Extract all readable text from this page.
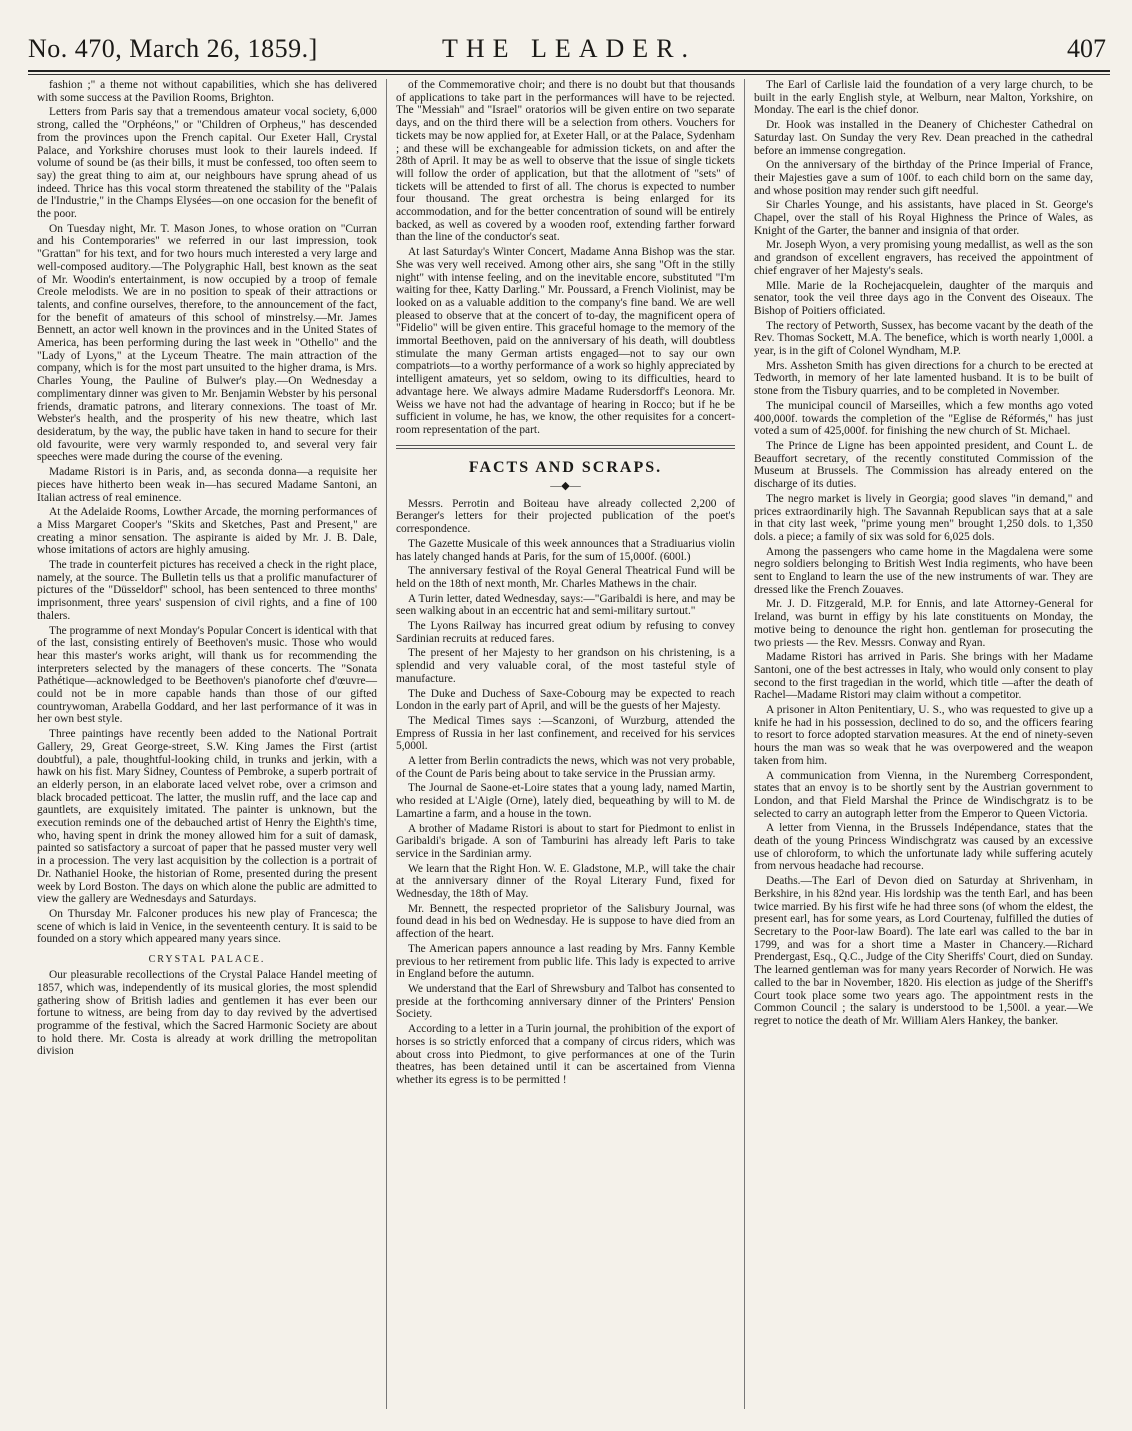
No. 470, March 26, 1859.]	THE LEADER.	407

fashion ;" a theme not without capabilities, which she has delivered with some success at the Pavilion Rooms, Brighton.

Letters from Paris say that a tremendous amateur vocal society, 6,000 strong, called the "Orphéons," or "Children of Orpheus," has descended from the provinces upon the French capital. Our Exeter Hall, Crystal Palace, and Yorkshire choruses must look to their laurels indeed. If volume of sound be (as their bills, it must be confessed, too often seem to say) the great thing to aim at, our neighbours have sprung ahead of us indeed. Thrice has this vocal storm threatened the stability of the "Palais de l'Industrie," in the Champs Elysées—on one occasion for the benefit of the poor.

On Tuesday night, Mr. T. Mason Jones, to whose oration on "Curran and his Contemporaries" we referred in our last impression, took "Grattan" for his text, and for two hours much interested a very large and well-composed auditory.—The Polygraphic Hall, best known as the seat of Mr. Woodin's entertainment, is now occupied by a troop of female Creole melodists. We are in no position to speak of their attractions or talents, and confine ourselves, therefore, to the announcement of the fact, for the benefit of amateurs of this school of minstrelsy.—Mr. James Bennett, an actor well known in the provinces and in the United States of America, has been performing during the last week in "Othello" and the "Lady of Lyons," at the Lyceum Theatre. The main attraction of the company, which is for the most part unsuited to the higher drama, is Mrs. Charles Young, the Pauline of Bulwer's play.—On Wednesday a complimentary dinner was given to Mr. Benjamin Webster by his personal friends, dramatic patrons, and literary connexions. The toast of Mr. Webster's health, and the prosperity of his new theatre, which last desideratum, by the way, the public have taken in hand to secure for their old favourite, were very warmly responded to, and several very fair speeches were made during the course of the evening.

Madame Ristori is in Paris, and, as seconda donna—a requisite her pieces have hitherto been weak in—has secured Madame Santoni, an Italian actress of real eminence.

At the Adelaide Rooms, Lowther Arcade, the morning performances of a Miss Margaret Cooper's "Skits and Sketches, Past and Present," are creating a minor sensation. The aspirante is aided by Mr. J. B. Dale, whose imitations of actors are highly amusing.

The trade in counterfeit pictures has received a check in the right place, namely, at the source. The Bulletin tells us that a prolific manufacturer of pictures of the "Düsseldorf" school, has been sentenced to three months' imprisonment, three years' suspension of civil rights, and a fine of 100 thalers.

The programme of next Monday's Popular Concert is identical with that of the last, consisting entirely of Beethoven's music. Those who would hear this master's works aright, will thank us for recommending the interpreters selected by the managers of these concerts. The "Sonata Pathétique—acknowledged to be Beethoven's pianoforte chef d'œuvre—could not be in more capable hands than those of our gifted countrywoman, Arabella Goddard, and her last performance of it was in her own best style.

Three paintings have recently been added to the National Portrait Gallery, 29, Great George-street, S.W. King James the First (artist doubtful), a pale, thoughtful-looking child, in trunks and jerkin, with a hawk on his fist. Mary Sidney, Countess of Pembroke, a superb portrait of an elderly person, in an elaborate laced velvet robe, over a crimson and black brocaded petticoat. The latter, the muslin ruff, and the lace cap and gauntlets, are exquisitely imitated. The painter is unknown, but the execution reminds one of the debauched artist of Henry the Eighth's time, who, having spent in drink the money allowed him for a suit of damask, painted so satisfactory a surcoat of paper that he passed muster very well in a procession. The very last acquisition by the collection is a portrait of Dr. Nathaniel Hooke, the historian of Rome, presented during the present week by Lord Boston. The days on which alone the public are admitted to view the gallery are Wednesdays and Saturdays.

On Thursday Mr. Falconer produces his new play of Francesca; the scene of which is laid in Venice, in the seventeenth century. It is said to be founded on a story which appeared many years since.

CRYSTAL PALACE.

Our pleasurable recollections of the Crystal Palace Handel meeting of 1857, which was, independently of its musical glories, the most splendid gathering show of British ladies and gentlemen it has ever been our fortune to witness, are being from day to day revived by the advertised programme of the festival, which the Sacred Harmonic Society are about to hold there. Mr. Costa is already at work drilling the metropolitan division

of the Commemorative choir; and there is no doubt but that thousands of applications to take part in the performances will have to be rejected. The "Messiah" and "Israel" oratorios will be given entire on two separate days, and on the third there will be a selection from others. Vouchers for tickets may be now applied for, at Exeter Hall, or at the Palace, Sydenham ; and these will be exchangeable for admission tickets, on and after the 28th of April. It may be as well to observe that the issue of single tickets will follow the order of application, but that the allotment of "sets" of tickets will be attended to first of all. The chorus is expected to number four thousand. The great orchestra is being enlarged for its accommodation, and for the better concentration of sound will be entirely backed, as well as covered by a wooden roof, extending farther forward than the line of the conductor's seat.

At last Saturday's Winter Concert, Madame Anna Bishop was the star. She was very well received. Among other airs, she sang "Oft in the stilly night" with intense feeling, and on the inevitable encore, substituted "I'm waiting for thee, Katty Darling." Mr. Poussard, a French Violinist, may be looked on as a valuable addition to the company's fine band. We are well pleased to observe that at the concert of to-day, the magnificent opera of "Fidelio" will be given entire. This graceful homage to the memory of the immortal Beethoven, paid on the anniversary of his death, will doubtless stimulate the many German artists engaged—not to say our own compatriots—to a worthy performance of a work so highly appreciated by intelligent amateurs, yet so seldom, owing to its difficulties, heard to advantage here. We always admire Madame Rudersdorff's Leonora. Mr. Weiss we have not had the advantage of hearing in Rocco; but if he be sufficient in volume, he has, we know, the other requisites for a concert-room representation of the part.

FACTS AND SCRAPS.
—◆—

Messrs. Perrotin and Boiteau have already collected 2,200 of Beranger's letters for their projected publication of the poet's correspondence.

The Gazette Musicale of this week announces that a Stradiuarius violin has lately changed hands at Paris, for the sum of 15,000f. (600l.)

The anniversary festival of the Royal General Theatrical Fund will be held on the 18th of next month, Mr. Charles Mathews in the chair.

A Turin letter, dated Wednesday, says:—"Garibaldi is here, and may be seen walking about in an eccentric hat and semi-military surtout."

The Lyons Railway has incurred great odium by refusing to convey Sardinian recruits at reduced fares.

The present of her Majesty to her grandson on his christening, is a splendid and very valuable coral, of the most tasteful style of manufacture.

The Duke and Duchess of Saxe-Cobourg may be expected to reach London in the early part of April, and will be the guests of her Majesty.

The Medical Times says :—Scanzoni, of Wurzburg, attended the Empress of Russia in her last confinement, and received for his services 5,000l.

A letter from Berlin contradicts the news, which was not very probable, of the Count de Paris being about to take service in the Prussian army.

The Journal de Saone-et-Loire states that a young lady, named Martin, who resided at L'Aigle (Orne), lately died, bequeathing by will to M. de Lamartine a farm, and a house in the town.

A brother of Madame Ristori is about to start for Piedmont to enlist in Garibaldi's brigade. A son of Tamburini has already left Paris to take service in the Sardinian army.

We learn that the Right Hon. W. E. Gladstone, M.P., will take the chair at the anniversary dinner of the Royal Literary Fund, fixed for Wednesday, the 18th of May.

Mr. Bennett, the respected proprietor of the Salisbury Journal, was found dead in his bed on Wednesday. He is suppose to have died from an affection of the heart.

The American papers announce a last reading by Mrs. Fanny Kemble previous to her retirement from public life. This lady is expected to arrive in England before the autumn.

We understand that the Earl of Shrewsbury and Talbot has consented to preside at the forthcoming anniversary dinner of the Printers' Pension Society.

According to a letter in a Turin journal, the prohibition of the export of horses is so strictly enforced that a company of circus riders, which was about cross into Piedmont, to give performances at one of the Turin theatres, has been detained until it can be ascertained from Vienna whether its egress is to be permitted !

The Earl of Carlisle laid the foundation of a very large church, to be built in the early English style, at Welburn, near Malton, Yorkshire, on Monday. The earl is the chief donor.

Dr. Hook was installed in the Deanery of Chichester Cathedral on Saturday last. On Sunday the very Rev. Dean preached in the cathedral before an immense congregation.

On the anniversary of the birthday of the Prince Imperial of France, their Majesties gave a sum of 100f. to each child born on the same day, and whose position may render such gift needful.

Sir Charles Younge, and his assistants, have placed in St. George's Chapel, over the stall of his Royal Highness the Prince of Wales, as Knight of the Garter, the banner and insignia of that order.

Mr. Joseph Wyon, a very promising young medallist, as well as the son and grandson of excellent engravers, has received the appointment of chief engraver of her Majesty's seals.

Mlle. Marie de la Rochejacquelein, daughter of the marquis and senator, took the veil three days ago in the Convent des Oiseaux. The Bishop of Poitiers officiated.

The rectory of Petworth, Sussex, has become vacant by the death of the Rev. Thomas Sockett, M.A. The benefice, which is worth nearly 1,000l. a year, is in the gift of Colonel Wyndham, M.P.

Mrs. Assheton Smith has given directions for a church to be erected at Tedworth, in memory of her late lamented husband. It is to be built of stone from the Tisbury quarries, and to be completed in November.

The municipal council of Marseilles, which a few months ago voted 400,000f. towards the completion of the "Eglise de Réformés," has just voted a sum of 425,000f. for finishing the new church of St. Michael.

The Prince de Ligne has been appointed president, and Count L. de Beauffort secretary, of the recently constituted Commission of the Museum at Brussels. The Commission has already entered on the discharge of its duties.

The negro market is lively in Georgia; good slaves "in demand," and prices extraordinarily high. The Savannah Republican says that at a sale in that city last week, "prime young men" brought 1,250 dols. to 1,350 dols. a piece; a family of six was sold for 6,025 dols.

Among the passengers who came home in the Magdalena were some negro soldiers belonging to British West India regiments, who have been sent to England to learn the use of the new instruments of war. They are dressed like the French Zouaves.

Mr. J. D. Fitzgerald, M.P. for Ennis, and late Attorney-General for Ireland, was burnt in effigy by his late constituents on Monday, the motive being to denounce the right hon. gentleman for prosecuting the two priests — the Rev. Messrs. Conway and Ryan.

Madame Ristori has arrived in Paris. She brings with her Madame Santoni, one of the best actresses in Italy, who would only consent to play second to the first tragedian in the world, which title —after the death of Rachel—Madame Ristori may claim without a competitor.

A prisoner in Alton Penitentiary, U. S., who was requested to give up a knife he had in his possession, declined to do so, and the officers fearing to resort to force adopted starvation measures. At the end of ninety-seven hours the man was so weak that he was overpowered and the weapon taken from him.

A communication from Vienna, in the Nuremberg Correspondent, states that an envoy is to be shortly sent by the Austrian government to London, and that Field Marshal the Prince de Windischgratz is to be selected to carry an autograph letter from the Emperor to Queen Victoria.

A letter from Vienna, in the Brussels Indépendance, states that the death of the young Princess Windischgratz was caused by an excessive use of chloroform, to which the unfortunate lady while suffering acutely from nervous headache had recourse.

Deaths.—The Earl of Devon died on Saturday at Shrivenham, in Berkshire, in his 82nd year. His lordship was the tenth Earl, and has been twice married. By his first wife he had three sons (of whom the eldest, the present earl, has for some years, as Lord Courtenay, fulfilled the duties of Secretary to the Poor-law Board). The late earl was called to the bar in 1799, and was for a short time a Master in Chancery.—Richard Prendergast, Esq., Q.C., Judge of the City Sheriffs' Court, died on Sunday. The learned gentleman was for many years Recorder of Norwich. He was called to the bar in November, 1820. His election as judge of the Sheriff's Court took place some two years ago. The appointment rests in the Common Council ; the salary is understood to be 1,500l. a year.—We regret to notice the death of Mr. William Alers Hankey, the banker.
